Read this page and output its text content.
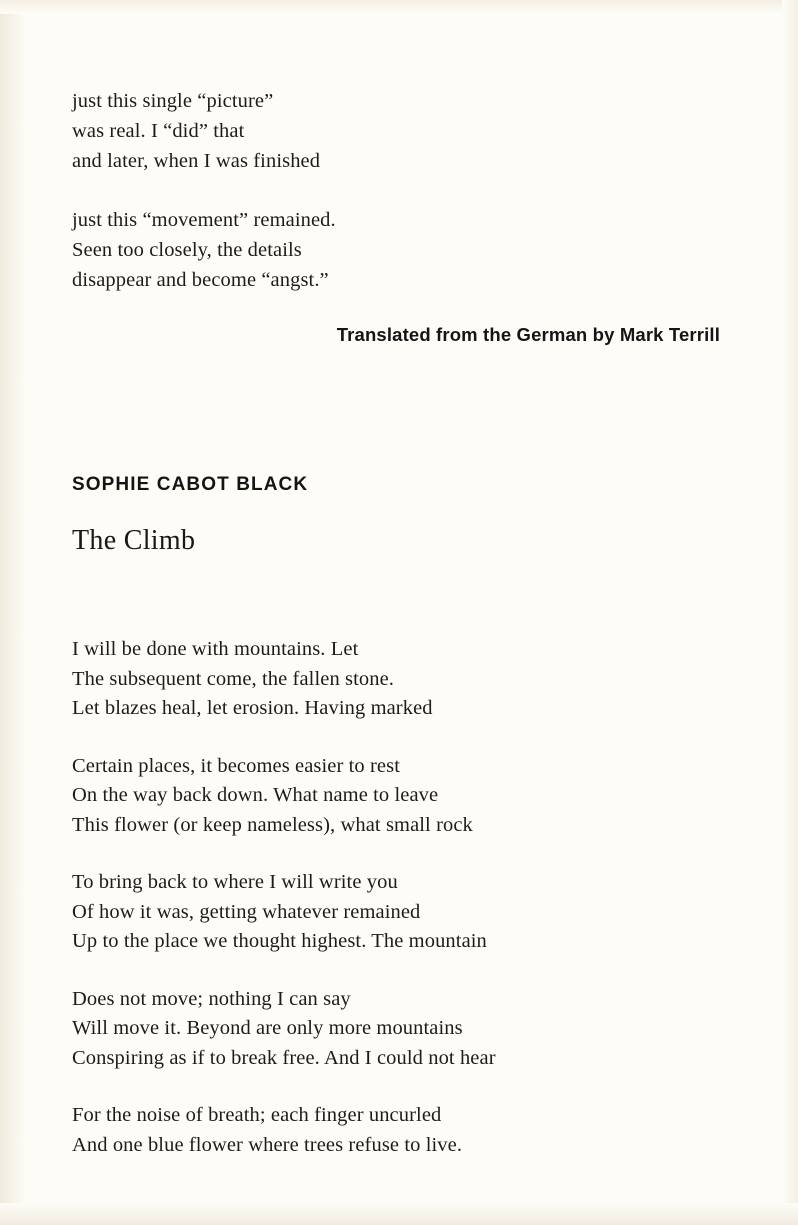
just this single “picture”
was real. I “did” that
and later, when I was finished
just this “movement” remained.
Seen too closely, the details
disappear and become “angst.”
Translated from the German by Mark Terrill
SOPHIE CABOT BLACK
The Climb
I will be done with mountains. Let
The subsequent come, the fallen stone.
Let blazes heal, let erosion. Having marked
Certain places, it becomes easier to rest
On the way back down. What name to leave
This flower (or keep nameless), what small rock
To bring back to where I will write you
Of how it was, getting whatever remained
Up to the place we thought highest. The mountain
Does not move; nothing I can say
Will move it. Beyond are only more mountains
Conspiring as if to break free. And I could not hear
For the noise of breath; each finger uncurled
And one blue flower where trees refuse to live.
